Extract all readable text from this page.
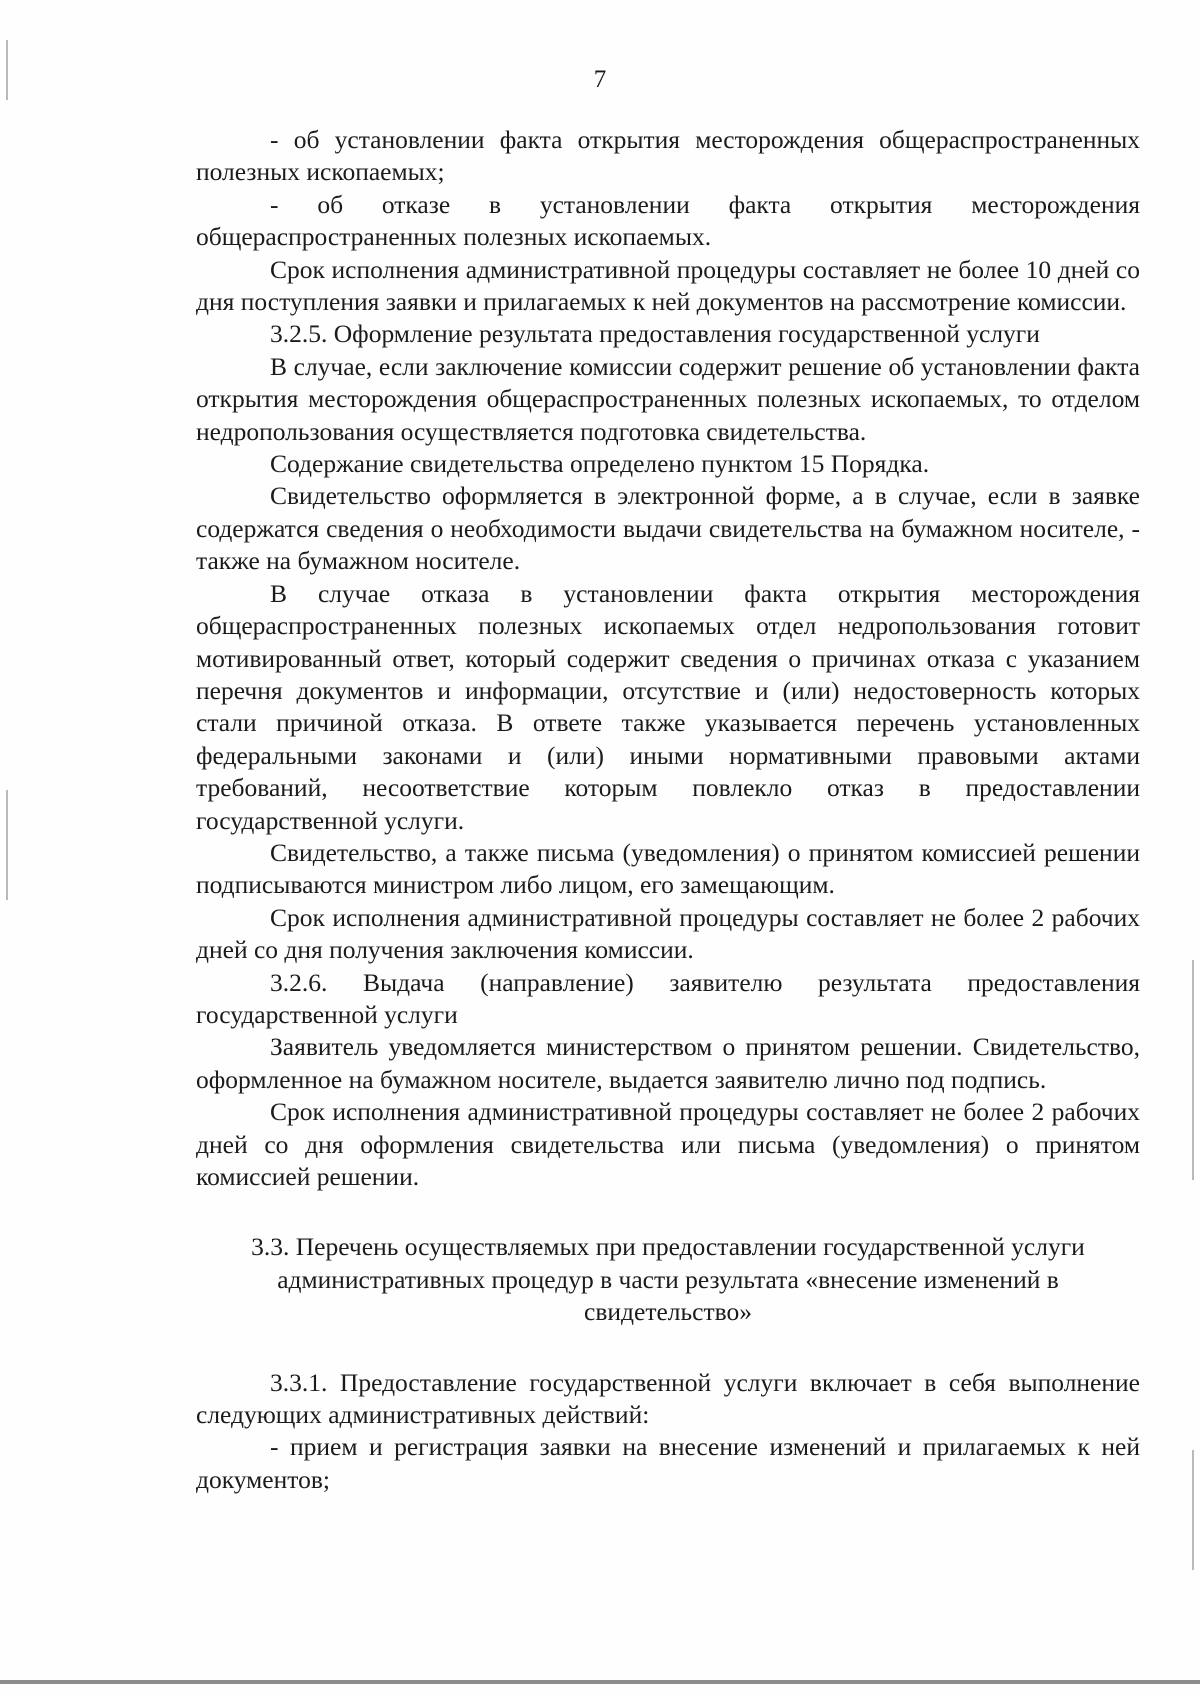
7

- об установлении факта открытия месторождения общераспространенных полезных ископаемых;

- об отказе в установлении факта открытия месторождения общераспространенных полезных ископаемых.

Срок исполнения административной процедуры составляет не более 10 дней со дня поступления заявки и прилагаемых к ней документов на рассмотрение комиссии.

3.2.5. Оформление результата предоставления государственной услуги

В случае, если заключение комиссии содержит решение об установлении факта открытия месторождения общераспространенных полезных ископаемых, то отделом недропользования осуществляется подготовка свидетельства.

Содержание свидетельства определено пунктом 15 Порядка.

Свидетельство оформляется в электронной форме, а в случае, если в заявке содержатся сведения о необходимости выдачи свидетельства на бумажном носителе, - также на бумажном носителе.

В случае отказа в установлении факта открытия месторождения общераспространенных полезных ископаемых отдел недропользования готовит мотивированный ответ, который содержит сведения о причинах отказа с указанием перечня документов и информации, отсутствие и (или) недостоверность которых стали причиной отказа. В ответе также указывается перечень установленных федеральными законами и (или) иными нормативными правовыми актами требований, несоответствие которым повлекло отказ в предоставлении государственной услуги.

Свидетельство, а также письма (уведомления) о принятом комиссией решении подписываются министром либо лицом, его замещающим.

Срок исполнения административной процедуры составляет не более 2 рабочих дней со дня получения заключения комиссии.

3.2.6. Выдача (направление) заявителю результата предоставления государственной услуги

Заявитель уведомляется министерством о принятом решении. Свидетельство, оформленное на бумажном носителе, выдается заявителю лично под подпись.

Срок исполнения административной процедуры составляет не более 2 рабочих дней со дня оформления свидетельства или письма (уведомления) о принятом комиссией решении.

3.3. Перечень осуществляемых при предоставлении государственной услуги административных процедур в части результата «внесение изменений в свидетельство»

3.3.1. Предоставление государственной услуги включает в себя выполнение следующих административных действий:

- прием и регистрация заявки на внесение изменений и прилагаемых к ней документов;
